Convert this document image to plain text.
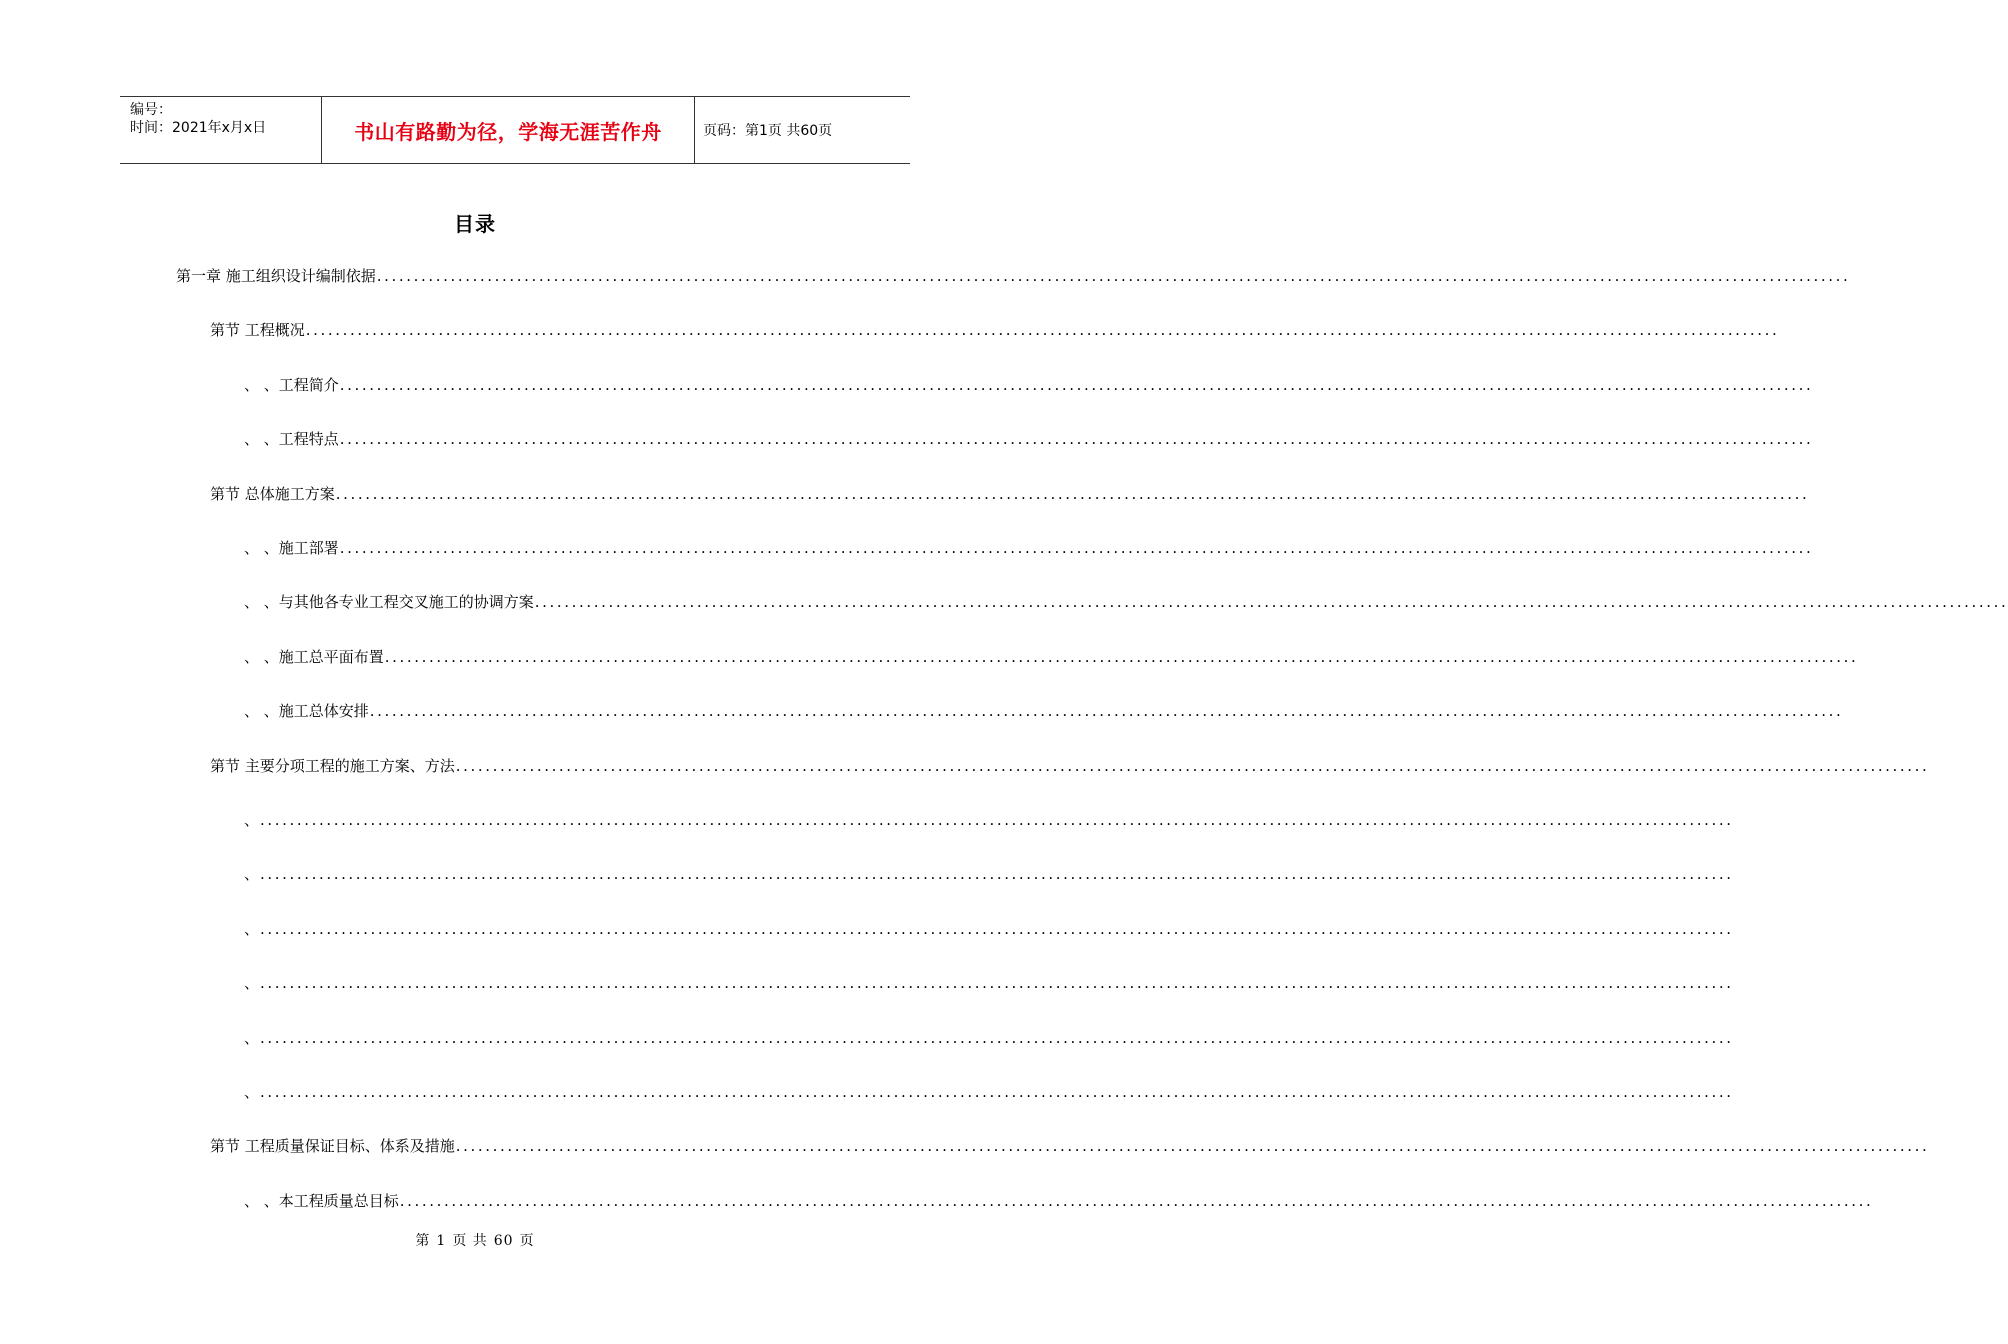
编号：
时间：2021年x月x日	书山有路勤为径，学海无涯苦作舟	页码：第1页 共60页
目录
第一章 施工组织设计编制依据 ........................................................................................................................................................................................................
第节 工程概况 ........................................................................................................................................................................................................
、 、工程简介 ........................................................................................................................................................................................................
、 、工程特点 ........................................................................................................................................................................................................
第节 总体施工方案 ........................................................................................................................................................................................................
、 、施工部署 ........................................................................................................................................................................................................
、 、与其他各专业工程交叉施工的协调方案 ........................................................................................................................................................................................................
、 、施工总平面布置 ........................................................................................................................................................................................................
、 、施工总体安排 ........................................................................................................................................................................................................
第节 主要分项工程的施工方案、方法 ........................................................................................................................................................................................................
、 ........................................................................................................................................................................................................
、 ........................................................................................................................................................................................................
、 ........................................................................................................................................................................................................
、 ........................................................................................................................................................................................................
、 ........................................................................................................................................................................................................
、 ........................................................................................................................................................................................................
第节 工程质量保证目标、体系及措施 ........................................................................................................................................................................................................
、 、本工程质量总目标 ........................................................................................................................................................................................................
第 1 页 共 60 页
